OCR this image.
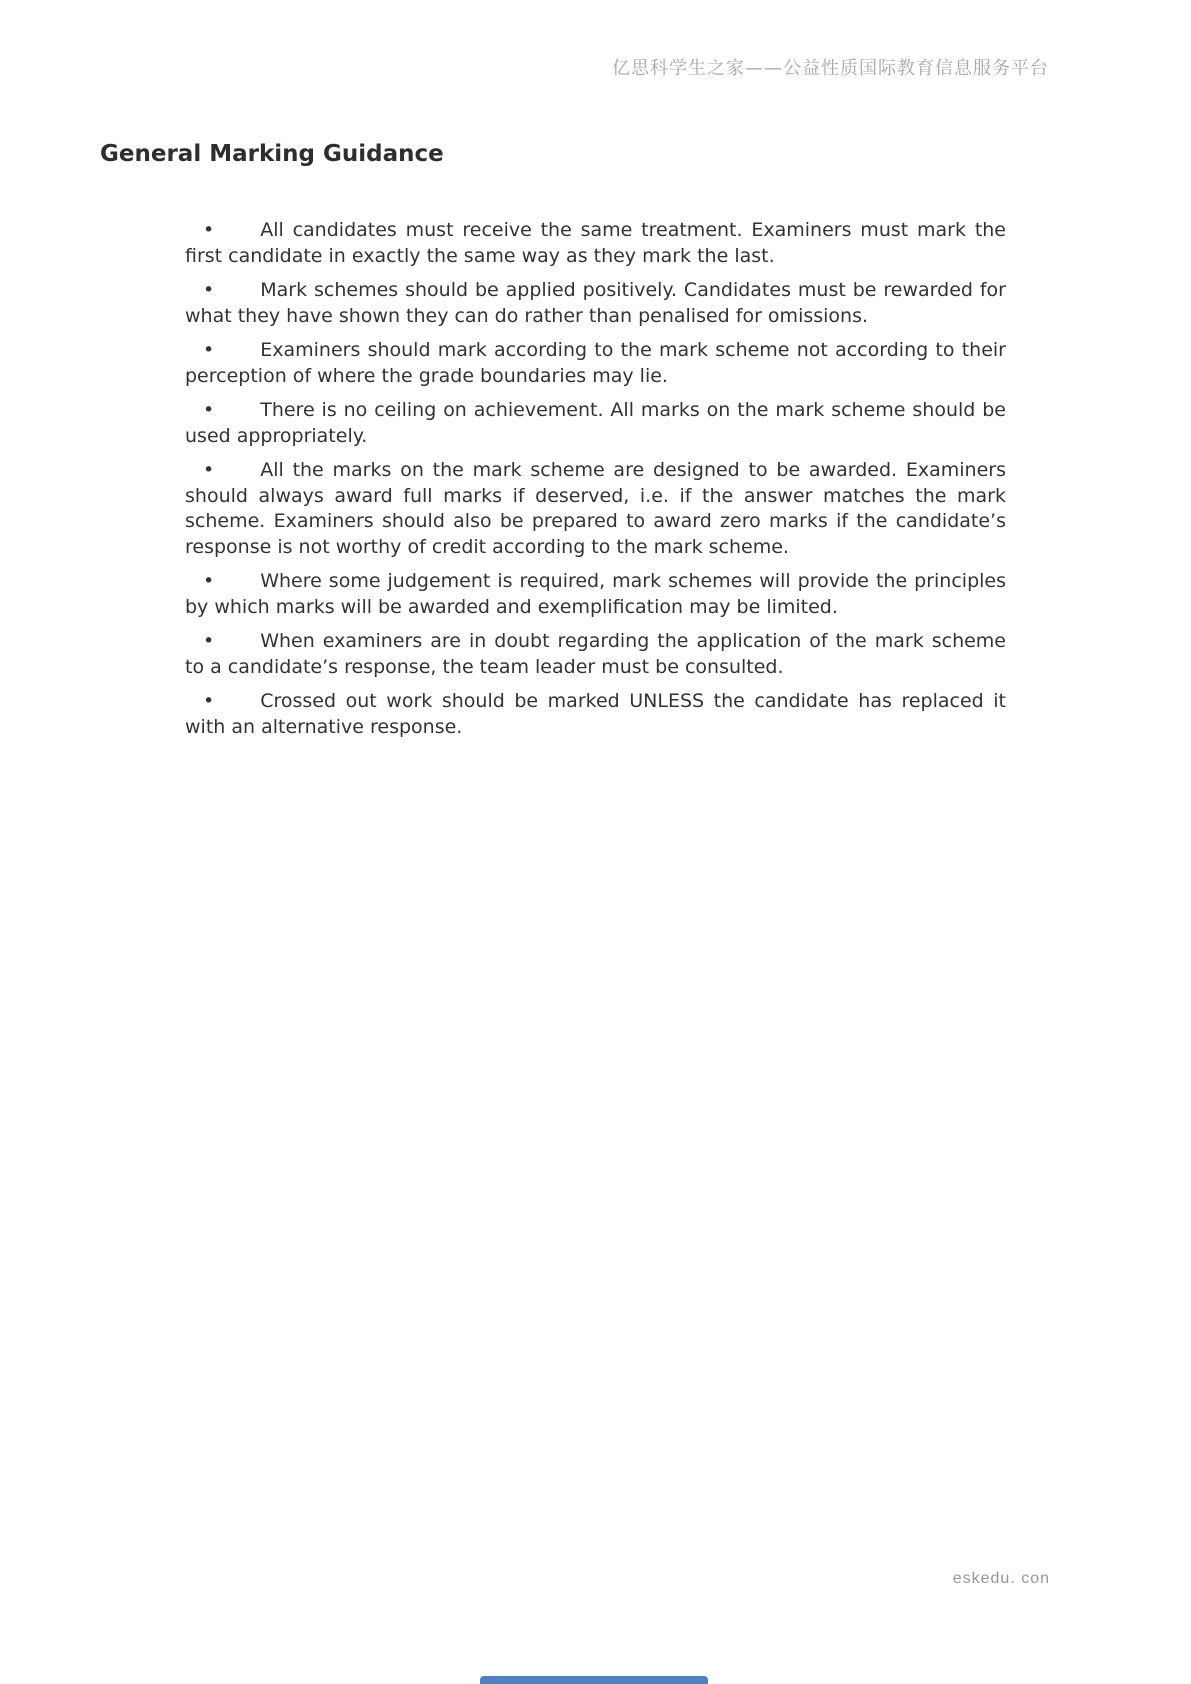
亿思科学生之家——公益性质国际教育信息服务平台
General Marking Guidance

• All candidates must receive the same treatment. Examiners must mark the first candidate in exactly the same way as they mark the last.

• Mark schemes should be applied positively. Candidates must be rewarded for what they have shown they can do rather than penalised for omissions.

• Examiners should mark according to the mark scheme not according to their perception of where the grade boundaries may lie.

• There is no ceiling on achievement. All marks on the mark scheme should be used appropriately.

• All the marks on the mark scheme are designed to be awarded. Examiners should always award full marks if deserved, i.e. if the answer matches the mark scheme. Examiners should also be prepared to award zero marks if the candidate’s response is not worthy of credit according to the mark scheme.

• Where some judgement is required, mark schemes will provide the principles by which marks will be awarded and exemplification may be limited.

• When examiners are in doubt regarding the application of the mark scheme to a candidate’s response, the team leader must be consulted.

• Crossed out work should be marked UNLESS the candidate has replaced it with an alternative response.

eskedu. con
